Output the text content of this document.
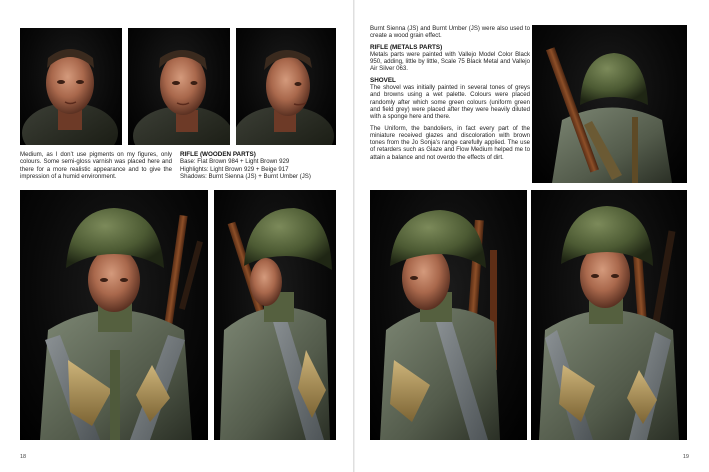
Medium, as I don’t use pigments on my figures, only colours. Some semi-gloss varnish was placed here and there for a more realistic appearance and to give the impression of a humid environment.

RIFLE (WOODEN PARTS)
Base: Flat Brown 984 + Light Brown 929
Highlights: Light Brown 929 + Beige 917
Shadows: Burnt Sienna (JS) + Burnt Umber (JS)
18

Burnt Sienna (JS) and Burnt Umber (JS) were also used to create a wood grain effect.

RIFLE (METALS PARTS)

Metals parts were painted with Vallejo Model Color Black 950, adding, little by little, Scale 75 Black Metal and Vallejo Air Silver 063.

SHOVEL

The shovel was initially painted in several tones of greys and browns using a wet palette. Colours were placed randomly after which some green colours (uniform green and field grey) were placed after they were heavily diluted with a sponge here and there.

The Uniform, the bandoliers, in fact every part of the miniature received glazes and discoloration with brown tones from the Jo Sonja’s range carefully applied. The use of retarders such as Glaze and Flow Medium helped me to attain a balance and not overdo the effects of dirt.

19
